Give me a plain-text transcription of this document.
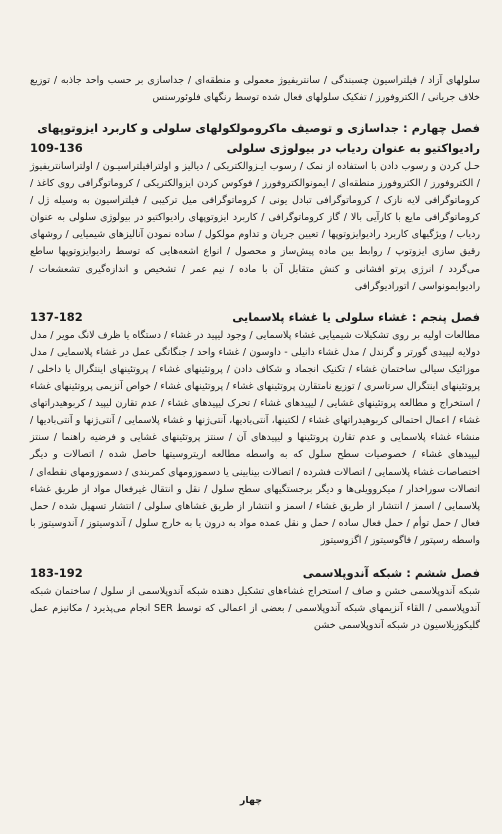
سلولهای آزاد / فیلتراسیون چسبندگی / سانتریفیوژ معمولی و منطقه‌ای / جداسازی بر حسب واحد جاذبه / توزیع خلاف جریانی / الکتروفورز / تفکیک سلولهای فعال شده توسط رنگهای فلوئورسنس
فصل چهارم : جداسازی و توصیف ماکرومولکولهای سلولی و کاربرد ایزوتوپهای
رادیواکتیو به عنوان ردیاب در بیولوژی سلولی
109-136
حـل کردن و رسوب دادن با استفاده از نمک / رسوب ایـزوالکتریکی / دیالیز و اولترافیلتراسیـون / اولتراسانتریفیوژ / الکتروفورز / الکتروفورز منطقه‌ای / ایمونوالکتروفورز / فوکوس کردن ایزوالکتریکی / کروماتوگرافی روی کاغذ / کروماتوگرافی لایه نازک / کروماتوگرافی تبادل یونی / کروماتوگرافی میل ترکیبی / فیلتراسیون به وسیله ژل / کروماتوگرافی مایع با کارآیی بالا / گاز کروماتوگرافی / کاربرد ایزوتوپهای رادیواکتیو در بیولوژی سلولی به عنوان ردیاب / ویژگیهای کاربرد رادیوایزوتوپها / تعیین جریان و تداوم مولکول / ساده نمودن آنالیزهای شیمیایی / روشهای رقیق سازی ایزوتوپ / روابط بین ماده پیش‌ساز و محصول / انواع اشعه‌هایی که توسط رادیوایزوتوپها ساطع می‌گردد / انرژی پرتو افشانی و کنش متقابل آن با ماده / نیم عمر / تشخیص و اندازه‌گیری تشعشعات / رادیوایمونواسی / اتورادیوگرافی
فصل پنجم : غشاء سلولی یا غشاء پلاسمایی
137-182
مطالعات اولیه بر روی تشکیلات شیمیایی غشاء پلاسمایی / وجود لیپید در غشاء / دستگاه یا ظرف لانگ مویر / مدل دولایه لیپیدی گورتر و گرندل / مدل غشاء دانیلی - داوسون / غشاء واحد / جنگاتگی عمل در غشاء پلاسمایی / مدل موزائیک سیالی ساختمان غشاء / تکنیک انجماد و شکاف دادن / پروتئینهای غشاء / پروتئینهای اینتگرال یا داخلی / پروتئینهای اینتگرال سرتاسری / توزیع نامتقارن پروتئینهای غشاء / پروتئینهای غشاء / خواص آنزیمی پروتئینهای غشاء / استخراج و مطالعه پروتئینهای غشایی / لیپیدهای غشاء / تحرک لیپیدهای غشاء / عدم تقارن لیپید / کربوهیدراتهای غشاء / اعمال احتمالی کربوهیدراتهای غشاء / لکتینها، آنتی‌بادیها، آنتی‌ژنها و غشاء پلاسمایی / آنتی‌ژنها و آنتی‌بادیها / منشاء غشاء پلاسمایی و عدم تقارن پروتئینها و لیپیدهای آن / سنتز پروتئینهای غشایی و فرضیه راهنما / سنتز لیپیدهای غشاء / خصوصیات سطح سلول که به واسطه مطالعه اریتروسیتها حاصل شده / اتصالات و دیگر اختصاصات غشاء پلاسمایی / اتصالات فشرده / اتصالات بینابینی یا دسموزومهای کمربندی / دسموزومهای نقطه‌ای / اتصالات سوراخدار / میکروویلی‌ها و دیگر برجستگیهای سطح سلول / نقل و انتقال غیرفعال مواد از طریق غشاء پلاسمایی / اسمز / انتشار از طریق غشاء / اسمز و انتشار از طریق غشاهای سلولی / انتشار تسهیل شده / حمل فعال / حمل توأم / حمل فعال ساده / حمل و نقل عمده مواد به درون یا به خارج سلول / آندوسیتوز / آندوسیتوز با واسطه رسپتور / فاگوسیتوز / اگزوسیتوز
فصل ششم : شبکه آندوپلاسمی
183-192
شبکه آندوپلاسمی خشن و صاف / استخراج غشاءهای تشکیل دهنده شبکه آندوپلاسمی از سلول / ساختمان شبکه آندوپلاسمی / القاء آنزیمهای شبکه آندوپلاسمی / بعضی از اعمالی که توسط SER انجام می‌پذیرد / مکانیزم عمل گلیکوزیلاسیون در شبکه آندوپلاسمی خشن
چهار
